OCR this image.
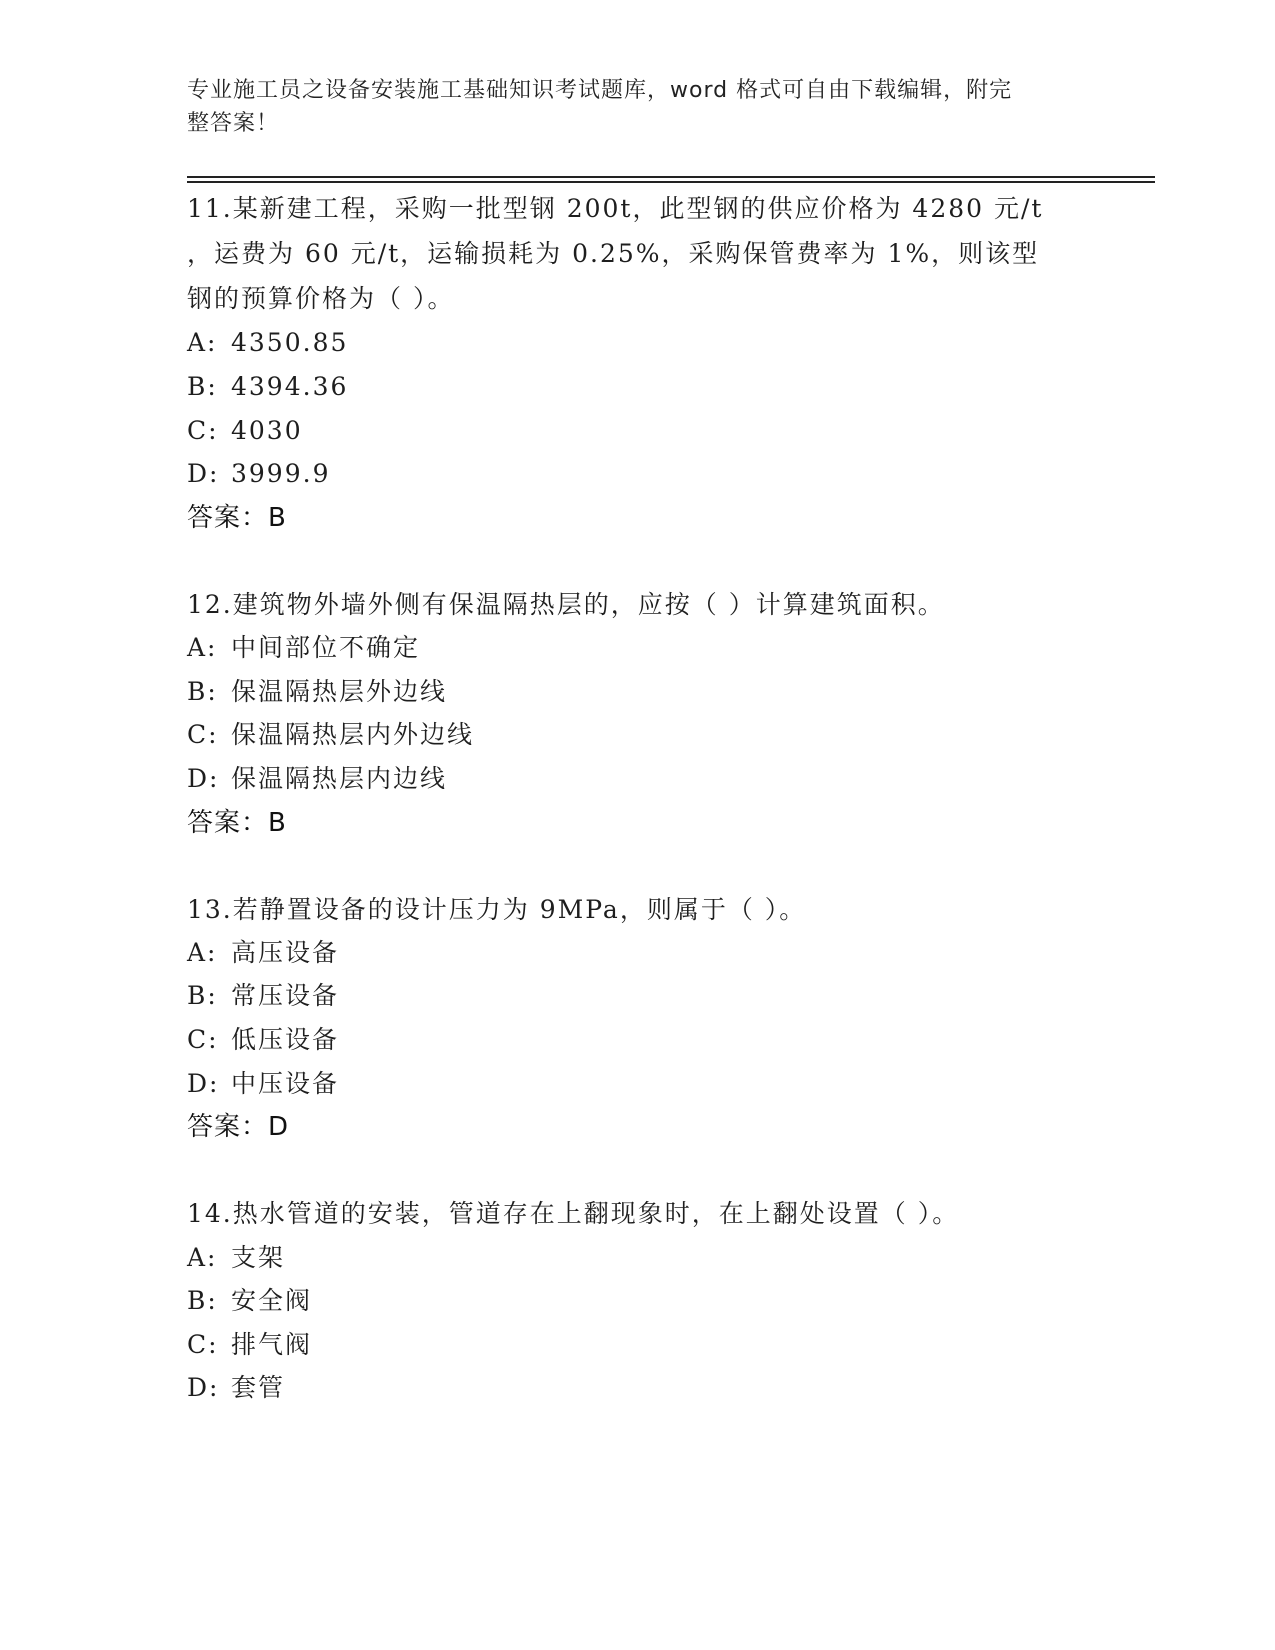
专业施工员之设备安装施工基础知识考试题库，word 格式可自由下载编辑，附完
整答案！
11.某新建工程，采购一批型钢 200t，此型钢的供应价格为 4280 元/t
，运费为 60 元/t，运输损耗为 0.25%，采购保管费率为 1%，则该型
钢的预算价格为（ ）。
A: 4350.85
B: 4394.36
C: 4030
D: 3999.9
答案：B
12.建筑物外墙外侧有保温隔热层的，应按（ ）计算建筑面积。
A: 中间部位不确定
B: 保温隔热层外边线
C: 保温隔热层内外边线
D: 保温隔热层内边线
答案：B
13.若静置设备的设计压力为 9MPa，则属于（ ）。
A: 高压设备
B: 常压设备
C: 低压设备
D: 中压设备
答案：D
14.热水管道的安装，管道存在上翻现象时，在上翻处设置（ ）。
A: 支架
B: 安全阀
C: 排气阀
D: 套管
